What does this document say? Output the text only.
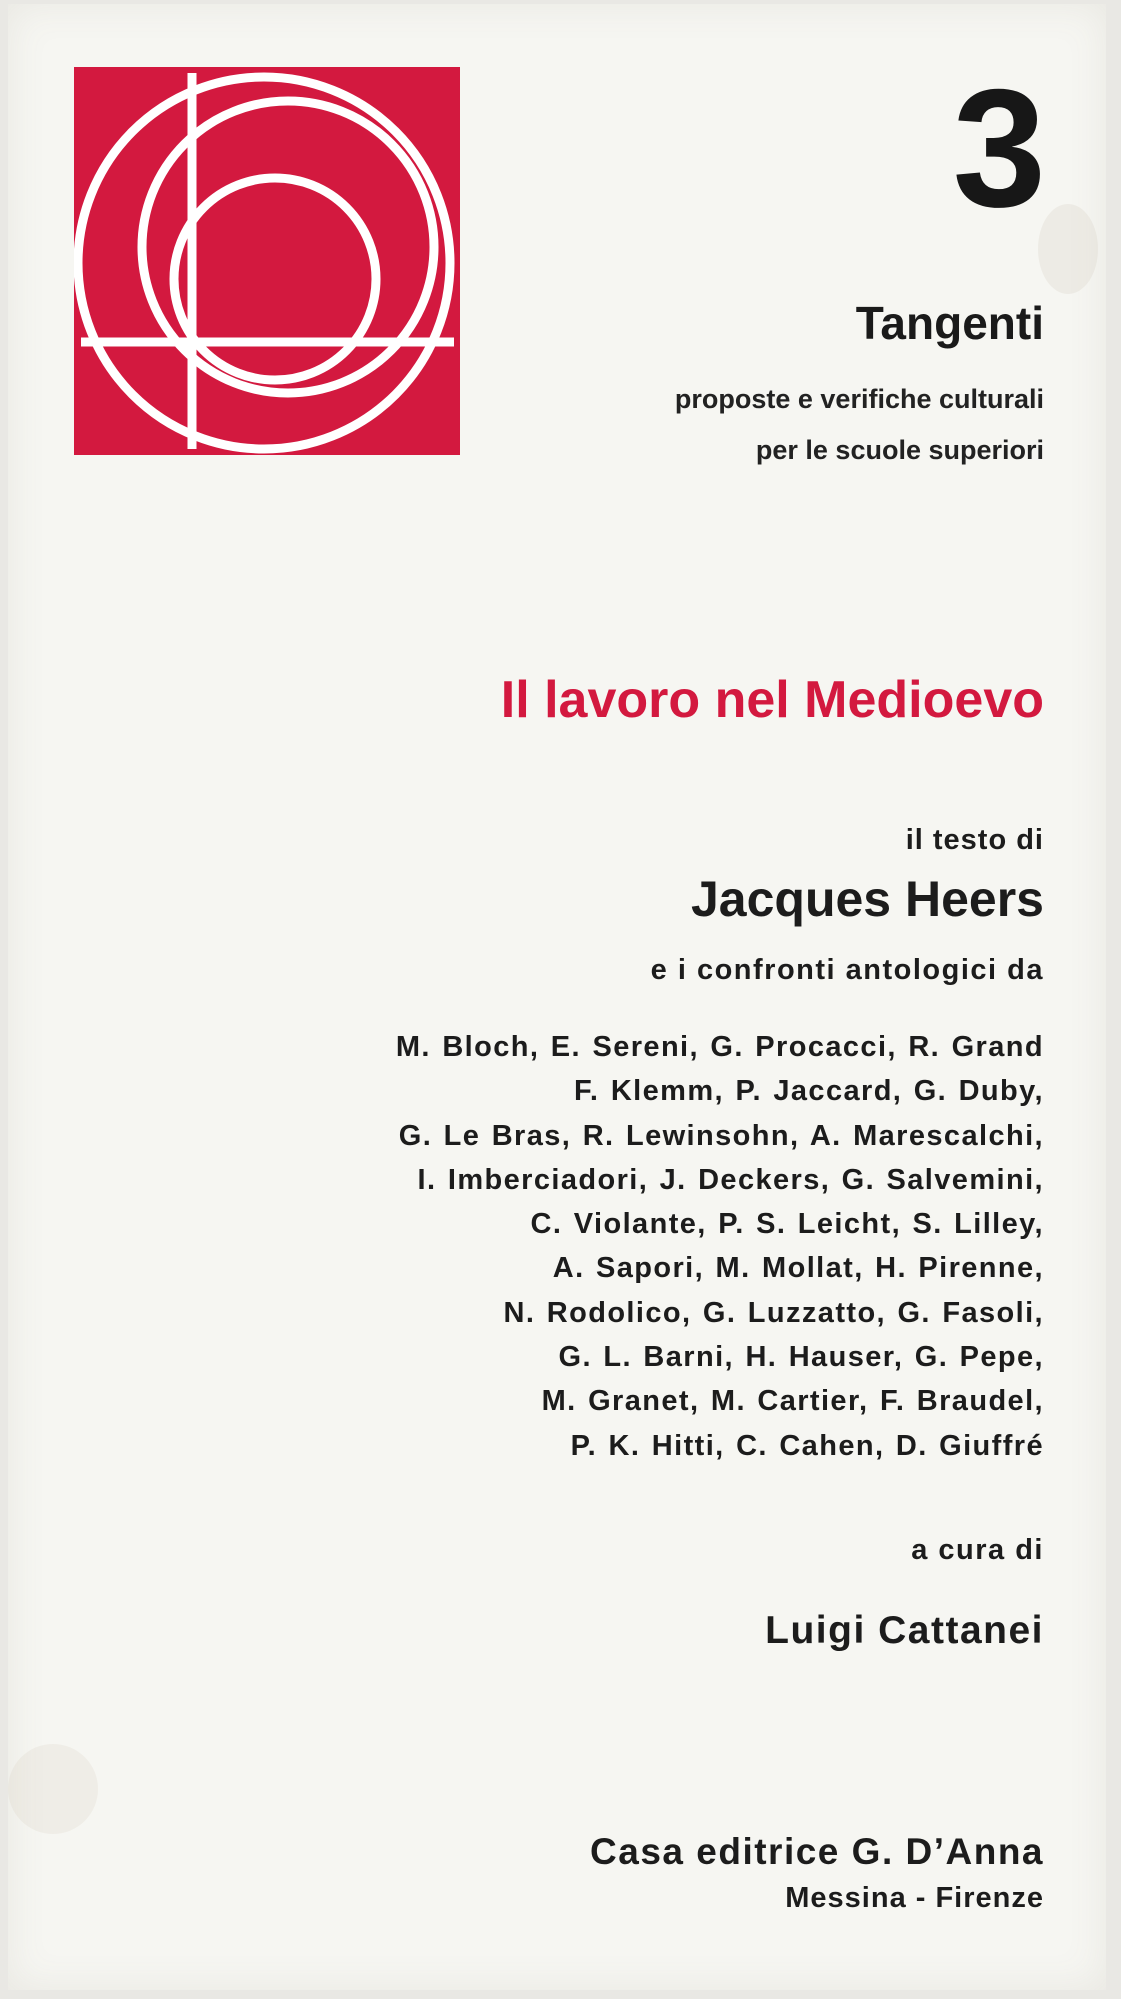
3
Tangenti
proposte e verifiche culturali
per le scuole superiori
Il lavoro nel Medioevo
il testo di
Jacques Heers
e i confronti antologici da
M. Bloch, E. Sereni, G. Procacci, R. Grand
F. Klemm, P. Jaccard, G. Duby,
G. Le Bras, R. Lewinsohn, A. Marescalchi,
I. Imberciadori, J. Deckers, G. Salvemini,
C. Violante, P. S. Leicht, S. Lilley,
A. Sapori, M. Mollat, H. Pirenne,
N. Rodolico, G. Luzzatto, G. Fasoli,
G. L. Barni, H. Hauser, G. Pepe,
M. Granet, M. Cartier, F. Braudel,
P. K. Hitti, C. Cahen, D. Giuffré
a cura di
Luigi Cattanei
Casa editrice G. D’Anna
Messina - Firenze
